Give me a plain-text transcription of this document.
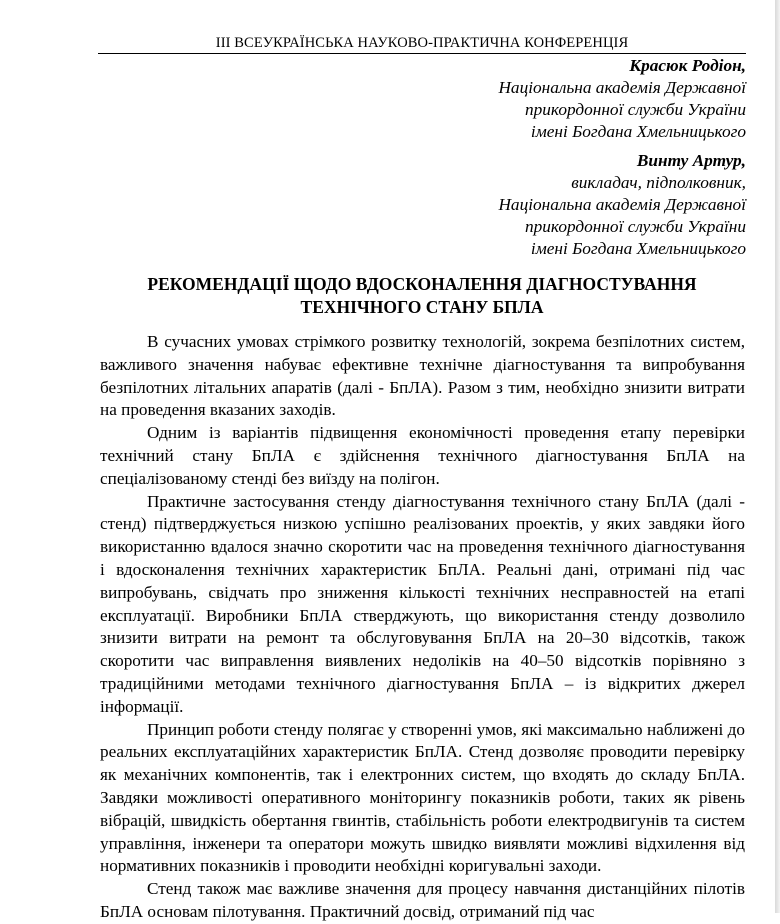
ІІІ ВСЕУКРАЇНСЬКА НАУКОВО-ПРАКТИЧНА КОНФЕРЕНЦІЯ
Красюк Родіон,
Національна академія Державної
прикордонної служби України
імені Богдана Хмельницького
Винту Артур,
викладач, підполковник,
Національна академія Державної
прикордонної служби України
імені Богдана Хмельницького
РЕКОМЕНДАЦІЇ ЩОДО ВДОСКОНАЛЕННЯ ДІАГНОСТУВАННЯ
ТЕХНІЧНОГО СТАНУ БПЛА

В сучасних умовах стрімкого розвитку технологій, зокрема безпілотних систем, важливого значення набуває ефективне технічне діагностування та випробування безпілотних літальних апаратів (далі - БпЛА). Разом з тим, необхідно знизити витрати на проведення вказаних заходів.

Одним із варіантів підвищення економічності проведення етапу перевірки технічний стану БпЛА є здійснення технічного діагностування БпЛА на спеціалізованому стенді без виїзду на полігон.

Практичне застосування стенду діагностування технічного стану БпЛА (далі - стенд) підтверджується низкою успішно реалізованих проектів, у яких завдяки його використанню вдалося значно скоротити час на проведення технічного діагностування і вдосконалення технічних характеристик БпЛА. Реальні дані, отримані під час випробувань, свідчать про зниження кількості технічних несправностей на етапі експлуатації. Виробники БпЛА стверджують, що використання стенду дозволило знизити витрати на ремонт та обслуговування БпЛА на 20–30 відсотків, також скоротити час виправлення виявлених недоліків на 40–50 відсотків порівняно з традиційними методами технічного діагностування БпЛА – із відкритих джерел інформації.

Принцип роботи стенду полягає у створенні умов, які максимально наближені до реальних експлуатаційних характеристик БпЛА. Стенд дозволяє проводити перевірку як механічних компонентів, так і електронних систем, що входять до складу БпЛА. Завдяки можливості оперативного моніторингу показників роботи, таких як рівень вібрацій, швидкість обертання гвинтів, стабільність роботи електродвигунів та систем управління, інженери та оператори можуть швидко виявляти можливі відхилення від нормативних показників і проводити необхідні коригувальні заходи.

Стенд також має важливе значення для процесу навчання дистанційних пілотів БпЛА основам пілотування. Практичний досвід, отриманий під час
